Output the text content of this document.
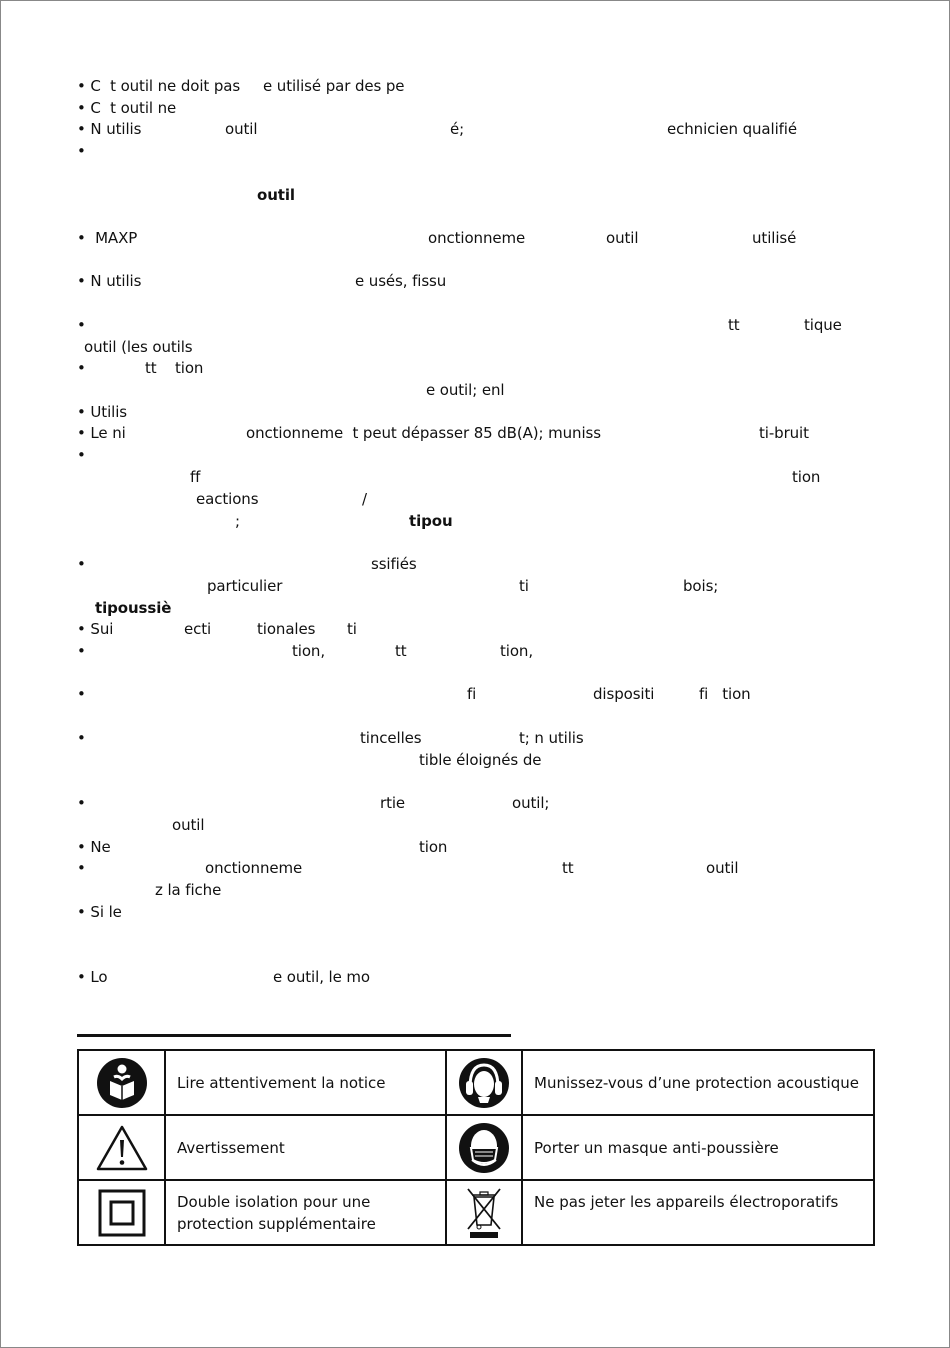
• C  t outil ne doit pas e utilisé par des pe
• C  t outil ne
• N utilis	outil	é;	echnicien qualifié
•
outil
•  MAXP	onctionneme	outil	utilisé
• N utilis	e usés, fissu
•	tt	tique
outil (les outils
•	tt tion
e outil; enl
• Utilis
• Le ni	onctionneme  t peut dépasser 85 dB(A); muniss	ti-bruit
•
ff	tion
eactions	/
;	tipou
•	ssifiés
particulier	ti	bois;
tipoussiè
• Sui	ecti	tionales ti
•	tion,	tt	tion,
•	fi	dispositi	fi   tion
•	tincelles	t; n utilis
tible éloignés de
•	rtie	outil;
outil
• Ne	tion
•	onctionneme	tt	outil
z la fiche
• Si le
• Lo	e outil, le mo
	Lire attentivement la notice		Munissez-vous d’une protection acoustique

	Avertissement		Porter un masque anti-poussière

	Double isolation pour une
protection supplémentaire		Ne pas jeter les appareils électroporatifs
